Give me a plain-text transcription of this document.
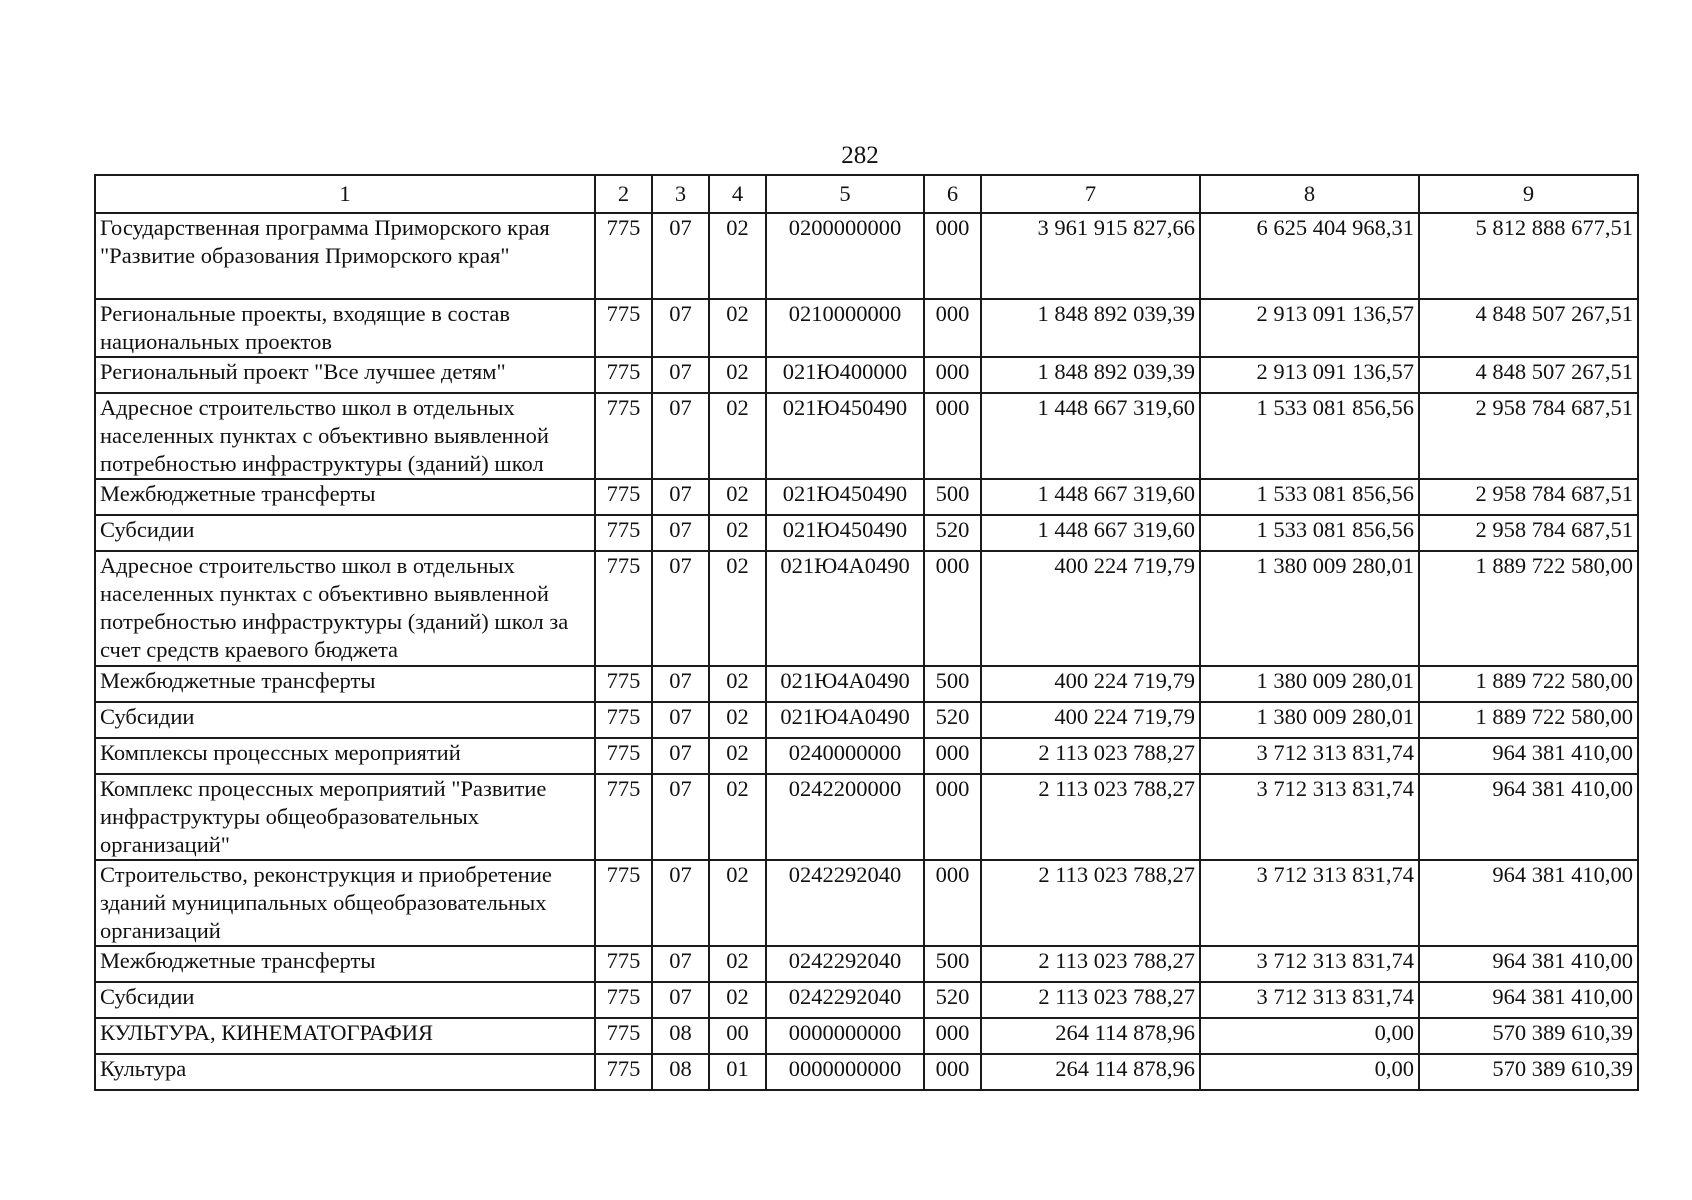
282
1	2	3	4	5	6	7	8	9
Государственная программа Приморского края "Развитие образования Приморского края"	775	07	02	0200000000	000	3 961 915 827,66	6 625 404 968,31	5 812 888 677,51
Региональные проекты, входящие в состав национальных проектов	775	07	02	0210000000	000	1 848 892 039,39	2 913 091 136,57	4 848 507 267,51
Региональный проект "Все лучшее детям"	775	07	02	021Ю400000	000	1 848 892 039,39	2 913 091 136,57	4 848 507 267,51
Адресное строительство школ в отдельных населенных пунктах с объективно выявленной потребностью инфраструктуры (зданий) школ	775	07	02	021Ю450490	000	1 448 667 319,60	1 533 081 856,56	2 958 784 687,51
Межбюджетные трансферты	775	07	02	021Ю450490	500	1 448 667 319,60	1 533 081 856,56	2 958 784 687,51
Субсидии	775	07	02	021Ю450490	520	1 448 667 319,60	1 533 081 856,56	2 958 784 687,51
Адресное строительство школ в отдельных населенных пунктах с объективно выявленной потребностью инфраструктуры (зданий) школ за счет средств краевого бюджета	775	07	02	021Ю4А0490	000	400 224 719,79	1 380 009 280,01	1 889 722 580,00
Межбюджетные трансферты	775	07	02	021Ю4А0490	500	400 224 719,79	1 380 009 280,01	1 889 722 580,00
Субсидии	775	07	02	021Ю4А0490	520	400 224 719,79	1 380 009 280,01	1 889 722 580,00
Комплексы процессных мероприятий	775	07	02	0240000000	000	2 113 023 788,27	3 712 313 831,74	964 381 410,00
Комплекс процессных мероприятий "Развитие инфраструктуры общеобразовательных организаций"	775	07	02	0242200000	000	2 113 023 788,27	3 712 313 831,74	964 381 410,00
Строительство, реконструкция и приобретение зданий муниципальных общеобразовательных организаций	775	07	02	0242292040	000	2 113 023 788,27	3 712 313 831,74	964 381 410,00
Межбюджетные трансферты	775	07	02	0242292040	500	2 113 023 788,27	3 712 313 831,74	964 381 410,00
Субсидии	775	07	02	0242292040	520	2 113 023 788,27	3 712 313 831,74	964 381 410,00
КУЛЬТУРА, КИНЕМАТОГРАФИЯ	775	08	00	0000000000	000	264 114 878,96	0,00	570 389 610,39
Культура	775	08	01	0000000000	000	264 114 878,96	0,00	570 389 610,39
